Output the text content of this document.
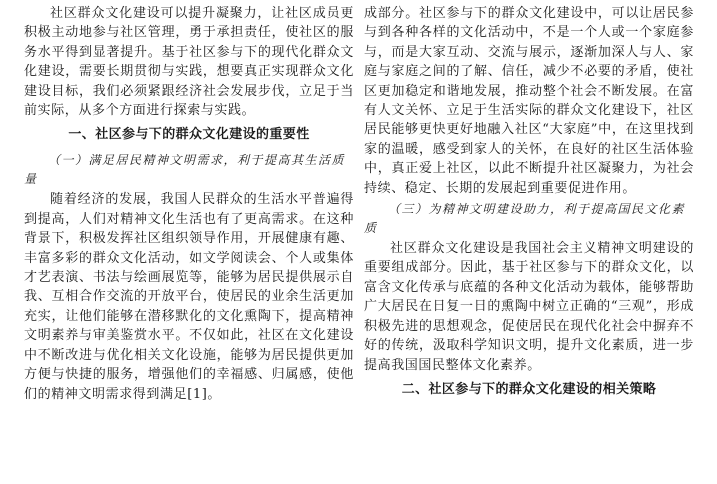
社区群众文化建设可以提升凝聚力，让社区成员更积极主动地参与社区管理，勇于承担责任，使社区的服务水平得到显著提升。基于社区参与下的现代化群众文化建设，需要长期贯彻与实践，想要真正实现群众文化建设目标，我们必须紧跟经济社会发展步伐，立足于当前实际，从多个方面进行探索与实践。

一、社区参与下的群众文化建设的重要性
（一）满足居民精神文明需求，利于提高其生活质量

随着经济的发展，我国人民群众的生活水平普遍得到提高，人们对精神文化生活也有了更高需求。在这种背景下，积极发挥社区组织领导作用，开展健康有趣、丰富多彩的群众文化活动，如文学阅读会、个人或集体才艺表演、书法与绘画展览等，能够为居民提供展示自我、互相合作交流的开放平台，使居民的业余生活更加充实，让他们能够在潜移默化的文化熏陶下，提高精神文明素养与审美鉴赏水平。不仅如此，社区在文化建设中不断改进与优化相关文化设施，能够为居民提供更加方便与快捷的服务，增强他们的幸福感、归属感，使他们的精神文明需求得到满足[1]。

成部分。社区参与下的群众文化建设中，可以让居民参与到各种各样的文化活动中，不是一个人或一个家庭参与，而是大家互动、交流与展示，逐渐加深人与人、家庭与家庭之间的了解、信任，减少不必要的矛盾，使社区更加稳定和谐地发展，推动整个社会不断发展。在富有人文关怀、立足于生活实际的群众文化建设下，社区居民能够更快更好地融入社区“大家庭”中，在这里找到家的温暖，感受到家人的关怀，在良好的社区生活体验中，真正爱上社区，以此不断提升社区凝聚力，为社会持续、稳定、长期的发展起到重要促进作用。

（三）为精神文明建设助力，利于提高国民文化素质

社区群众文化建设是我国社会主义精神文明建设的重要组成部分。因此，基于社区参与下的群众文化，以富含文化传承与底蕴的各种文化活动为载体，能够帮助广大居民在日复一日的熏陶中树立正确的“三观”，形成积极先进的思想观念，促使居民在现代化社会中摒弃不好的传统，汲取科学知识文明，提升文化素质，进一步提高我国国民整体文化素养。

二、社区参与下的群众文化建设的相关策略
